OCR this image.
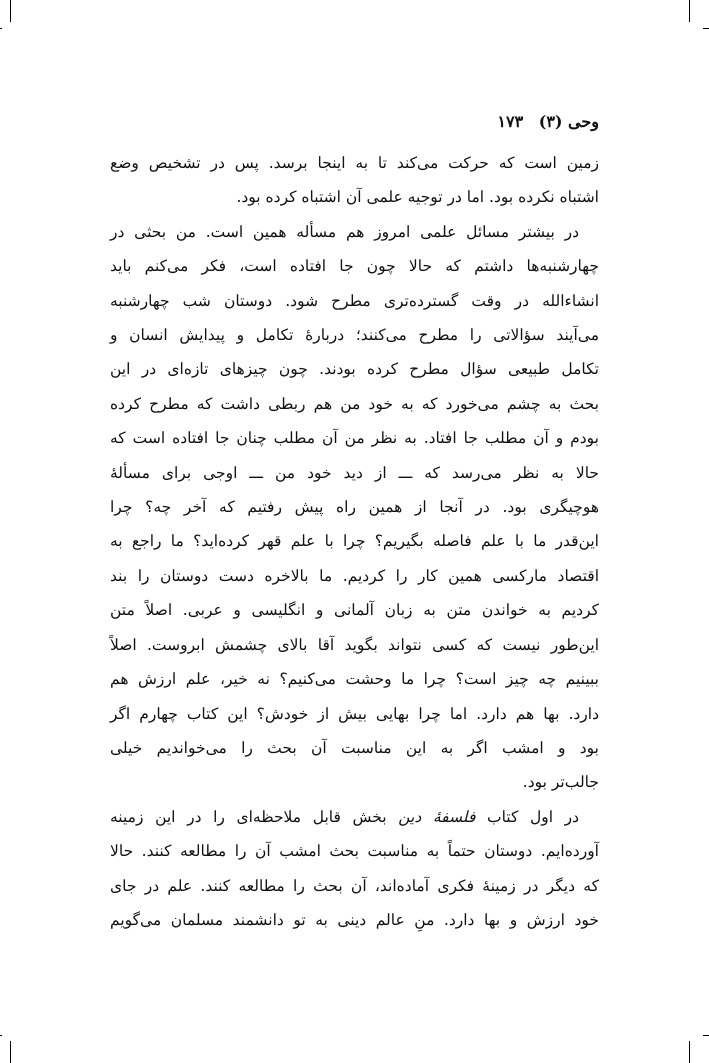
وحی (۳) ۱۷۳

زمین است که حرکت می‌کند تا به اینجا برسد. پس در تشخیص وضع

اشتباه نکرده بود. اما در توجیه علمی آن اشتباه کرده بود.

در بیشتر مسائل علمی امروز هم مسأله همین است. من بحثی در

چهارشنبه‌ها داشتم که حالا چون جا افتاده است، فکر می‌کنم باید

انشاءالله در وقت گسترده‌تری مطرح شود. دوستان شب چهارشنبه

می‌آیند سؤالاتی را مطرح می‌کنند؛ دربارهٔ تکامل و پیدایش انسان و

تکامل طبیعی سؤال مطرح کرده بودند. چون چیزهای تازه‌ای در این

بحث به چشم می‌خورد که به خود من هم ربطی داشت که مطرح کرده

بودم و آن مطلب جا افتاد. به نظر من آن مطلب چنان جا افتاده است که

حالا به نظر می‌رسد که ـــ از دید خود من ـــ اوجی برای مسألهٔ

هوچیگری بود. در آنجا از همین راه پیش رفتیم که آخر چه؟ چرا

این‌قدر ما با علم فاصله بگیریم؟ چرا با علم قهر کرده‌اید؟ ما راجع به

اقتصاد مارکسی همین کار را کردیم. ما بالاخره دست دوستان را بند

کردیم به خواندن متن به زبان آلمانی و انگلیسی و عربی. اصلاً متن

این‌طور نیست که کسی نتواند بگوید آقا بالای چشمش ابروست. اصلاً

ببینیم چه چیز است؟ چرا ما وحشت می‌کنیم؟ نه خیر، علم ارزش هم

دارد. بها هم دارد. اما چرا بهایی بیش از خودش؟ این کتاب چهارم اگر

بود و امشب اگر به این مناسبت آن بحث را می‌خواندیم خیلی

جالب‌تر بود.

در اول کتاب فلسفهٔ دین بخش قابل ملاحظه‌ای را در این زمینه

آورده‌ایم. دوستان حتماً به مناسبت بحث امشب آن را مطالعه کنند. حالا

که دیگر در زمینهٔ فکری آماده‌اند، آن بحث را مطالعه کنند. علم در جای

خود ارزش و بها دارد. منِ عالم دینی به تو دانشمند مسلمان می‌گویم
